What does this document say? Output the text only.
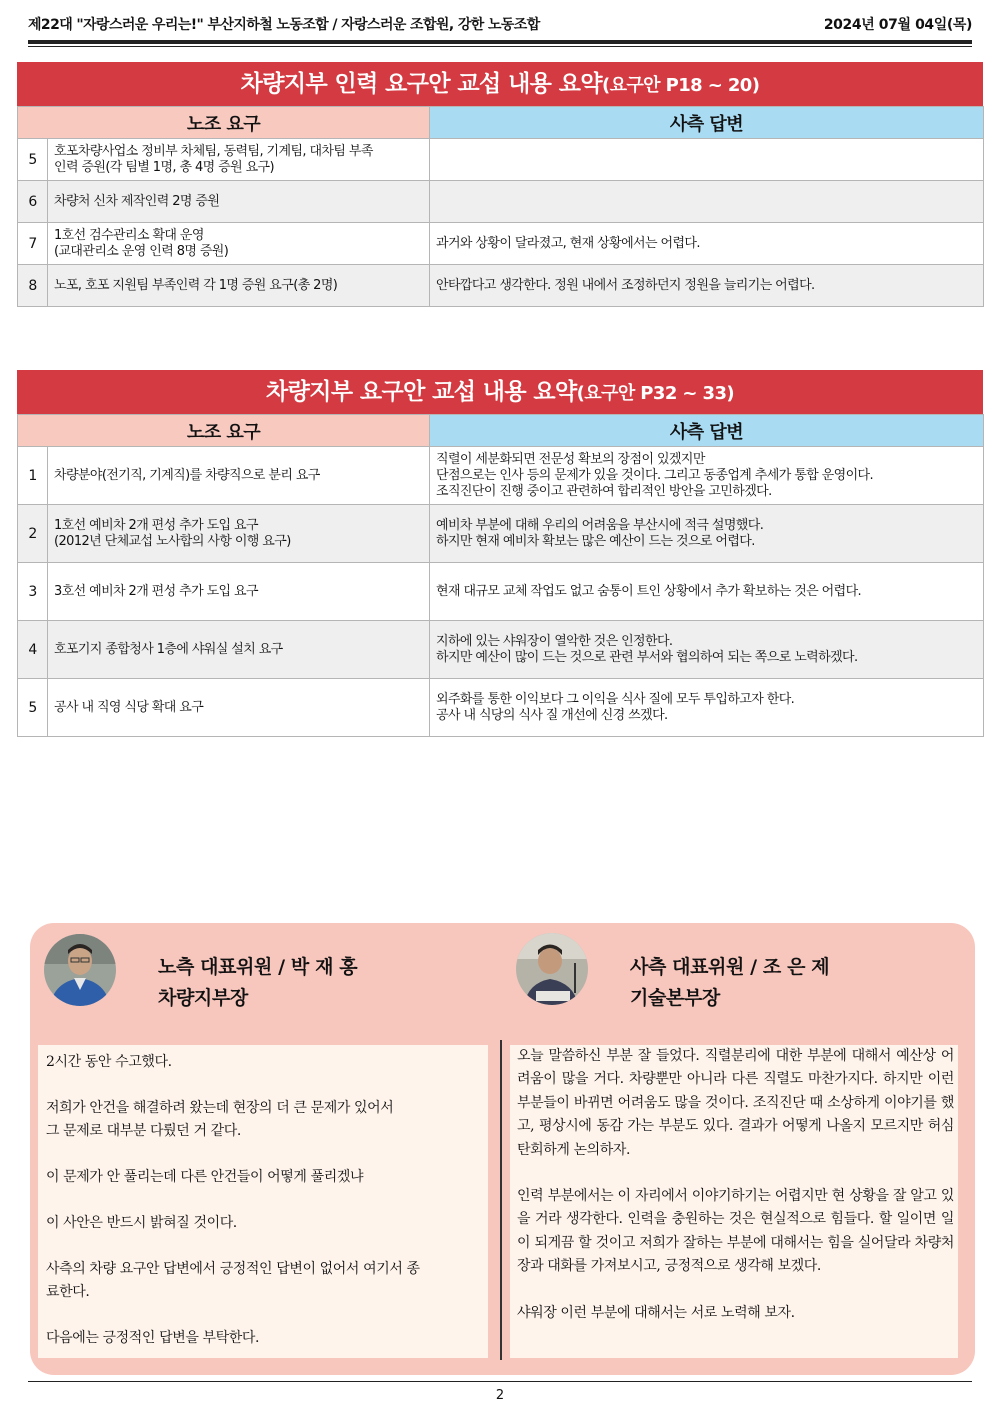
제22대 "자랑스러운 우리는!" 부산지하철 노동조합 / 자랑스러운 조합원, 강한 노동조합	2024년 07월 04일(목)
차량지부 인력 요구안 교섭 내용 요약(요구안 P18 ~ 20)
노조 요구		사측 답변
5	호포차량사업소 정비부 차체팀, 동력팀, 기계팀, 대차팀 부족
인력 증원(각 팀별 1명, 총 4명 증원 요구)	

6	차량처 신차 제작인력 2명 증원	

7	1호선 검수관리소 확대 운영
(교대관리소 운영 인력 8명 증원)	과거와 상황이 달라졌고, 현재 상황에서는 어렵다.

8	노포, 호포 지원팀 부족인력 각 1명 증원 요구(총 2명)	안타깝다고 생각한다. 정원 내에서 조정하던지 정원을 늘리기는 어렵다.
차량지부 요구안 교섭 내용 요약(요구안 P32 ~ 33)
노조 요구		사측 답변
1	차량분야(전기직, 기계직)를 차량직으로 분리 요구	직렬이 세분화되면 전문성 확보의 장점이 있겠지만
단점으로는 인사 등의 문제가 있을 것이다. 그리고 동종업계 추세가 통합 운영이다.
조직진단이 진행 중이고 관련하여 합리적인 방안을 고민하겠다.

2	1호선 예비차 2개 편성 추가 도입 요구
(2012년 단체교섭 노사합의 사항 이행 요구)	예비차 부분에 대해 우리의 어려움을 부산시에 적극 설명했다.
하지만 현재 예비차 확보는 많은 예산이 드는 것으로 어렵다.

3	3호선 예비차 2개 편성 추가 도입 요구	현재 대규모 교체 작업도 없고 숨통이 트인 상황에서 추가 확보하는 것은 어렵다.

4	호포기지 종합청사 1층에 샤워실 설치 요구	지하에 있는 샤워장이 열악한 것은 인정한다.
하지만 예산이 많이 드는 것으로 관련 부서와 협의하여 되는 쪽으로 노력하겠다.

5	공사 내 직영 식당 확대 요구	외주화를 통한 이익보다 그 이익을 식사 질에 모두 투입하고자 한다.
공사 내 식당의 식사 질 개선에 신경 쓰겠다.
노측 대표위원 / 박 재 홍
차량지부장
사측 대표위원 / 조 은 제
기술본부장

2시간 동안 수고했다.

저희가 안건을 해결하려 왔는데 현장의 더 큰 문제가 있어서

그 문제로 대부분 다뤘던 거 같다.

이 문제가 안 풀리는데 다른 안건들이 어떻게 풀리겠냐

이 사안은 반드시 밝혀질 것이다.

사측의 차량 요구안 답변에서 긍정적인 답변이 없어서 여기서 종

료한다.

다음에는 긍정적인 답변을 부탁한다.

오늘 말씀하신 부분 잘 들었다. 직렬분리에 대한 부분에 대해서 예산상 어려움이 많을 거다. 차량뿐만 아니라 다른 직렬도 마찬가지다. 하지만 이런 부분들이 바뀌면 어려움도 많을 것이다. 조직진단 때 소상하게 이야기를 했고, 평상시에 동감 가는 부분도 있다. 결과가 어떻게 나올지 모르지만 허심탄회하게 논의하자.

인력 부분에서는 이 자리에서 이야기하기는 어렵지만 현 상황을 잘 알고 있을 거라 생각한다. 인력을 충원하는 것은 현실적으로 힘들다. 할 일이면 일이 되게끔 할 것이고 저희가 잘하는 부분에 대해서는 힘을 실어달라 차량처장과 대화를 가져보시고, 긍정적으로 생각해 보겠다.

샤워장 이런 부분에 대해서는 서로 노력해 보자.

2
